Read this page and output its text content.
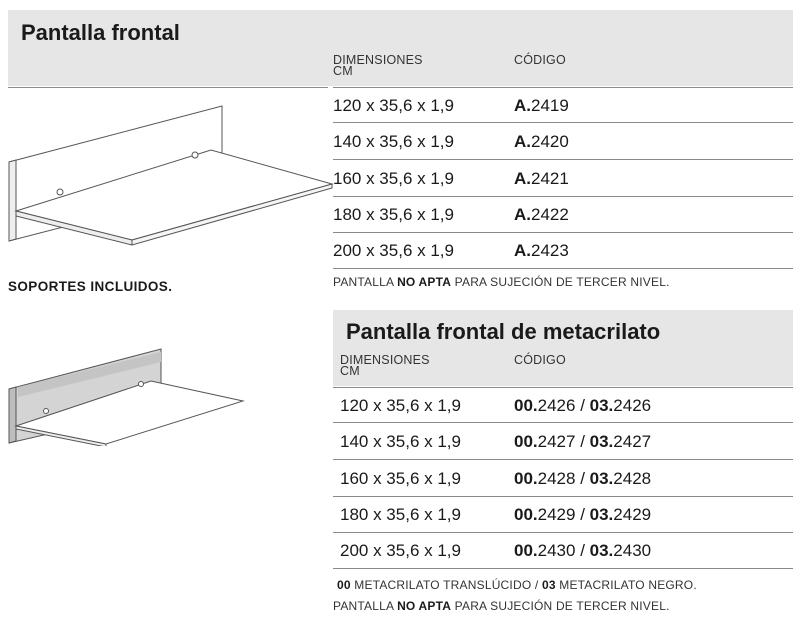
Pantalla frontal
DIMENSIONES
CM
CÓDIGO
120 x 35,6 x 1,9	A.2419
140 x 35,6 x 1,9	A.2420
160 x 35,6 x 1,9	A.2421
180 x 35,6 x 1,9	A.2422
200 x 35,6 x 1,9	A.2423
PANTALLA NO APTA PARA SUJECIÓN DE TERCER NIVEL.
SOPORTES INCLUIDOS.
Pantalla frontal de metacrilato
DIMENSIONES
CM
CÓDIGO
120 x 35,6 x 1,9	00.2426 / 03.2426
140 x 35,6 x 1,9	00.2427 / 03.2427
160 x 35,6 x 1,9	00.2428 / 03.2428
180 x 35,6 x 1,9	00.2429 / 03.2429
200 x 35,6 x 1,9	00.2430 / 03.2430
00 METACRILATO TRANSLÚCIDO / 03 METACRILATO NEGRO.
PANTALLA NO APTA PARA SUJECIÓN DE TERCER NIVEL.
